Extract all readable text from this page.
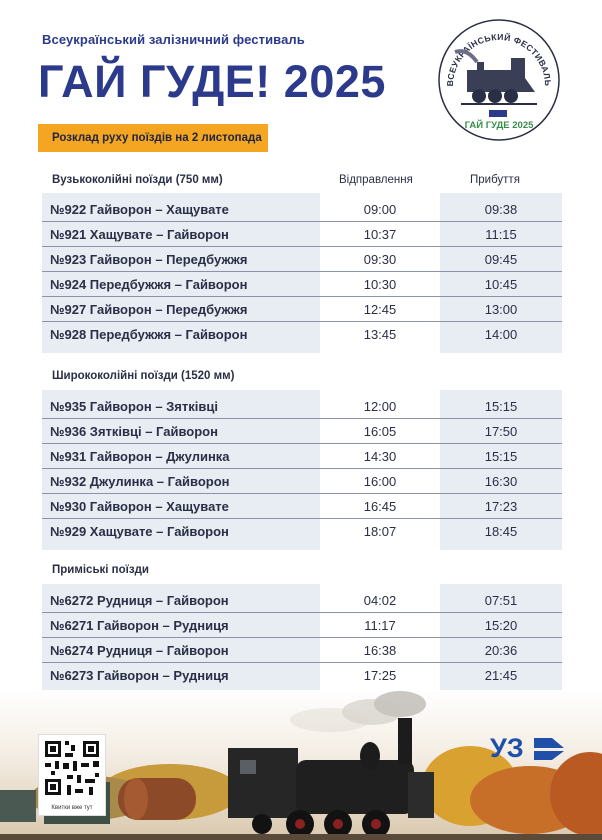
Всеукраїнський залізничний фестиваль
ГАЙ ГУДЕ! 2025
Розклад руху поїздів на 2 листопада
ВСЕУКРАЇНСЬКИЙ ФЕСТИВАЛЬ
ГАЙ ГУДЕ 2025
Відправлення	Прибуття
Вузькоколійні поїзди (750 мм)
№922 Гайворон – Хащувате	09:00	09:38
№921 Хащувате – Гайворон	10:37	11:15
№923 Гайворон – Передбужжя	09:30	09:45
№924 Передбужжя – Гайворон	10:30	10:45
№927 Гайворон – Передбужжя	12:45	13:00
№928 Передбужжя – Гайворон	13:45	14:00
Ширококолійні поїзди (1520 мм)
№935 Гайворон – Зятківці	12:00	15:15
№936 Зятківці – Гайворон	16:05	17:50
№931 Гайворон – Джулинка	14:30	15:15
№932 Джулинка – Гайворон	16:00	16:30
№930 Гайворон – Хащувате	16:45	17:23
№929 Хащувате – Гайворон	18:07	18:45
Приміські поїзди
№6272 Рудниця – Гайворон	04:02	07:51
№6271 Гайворон – Рудниця	11:17	15:20
№6274 Рудниця – Гайворон	16:38	20:36
№6273 Гайворон – Рудниця	17:25	21:45
Квитки вже тут
УЗ
